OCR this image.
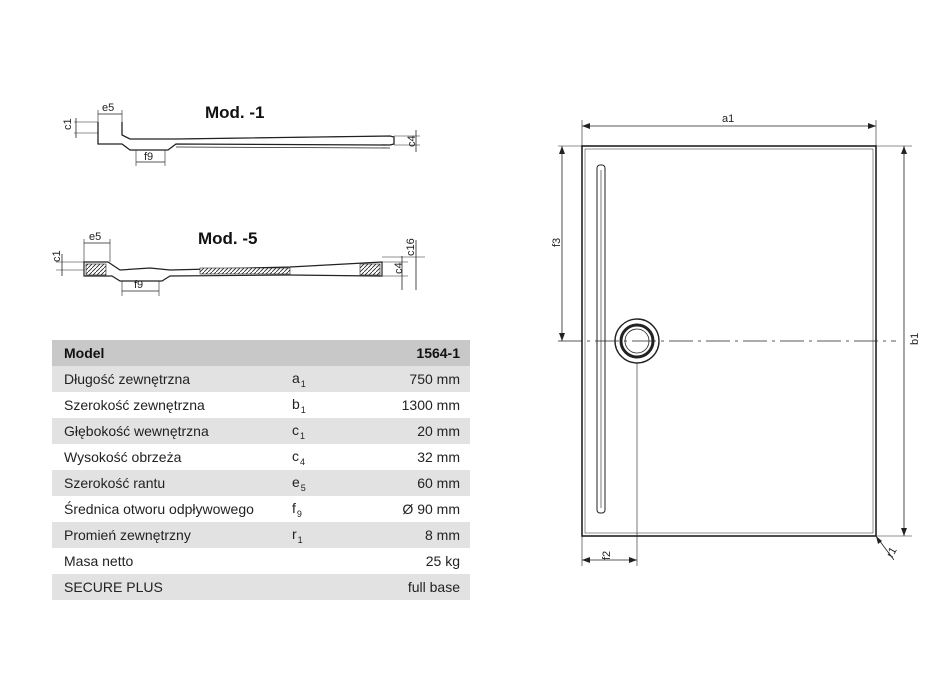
Mod. -1
e5
c1
f9
c4
Mod. -5
e5
c1
f9
c4
c16
a1
b1
f3
f2	r1
Model		1564-1
Długość zewnętrzna	$a_1$	750 mm
Szerokość zewnętrzna	$b_1$	1300 mm
Głębokość wewnętrzna	$c_1$	20 mm
Wysokość obrzeża	$c_4$	32 mm
Szerokość rantu	$e_5$	60 mm
Średnica otworu odpływowego	$f_9$	Ø 90 mm
Promień zewnętrzny	$r_1$	8 mm
Masa netto		25 kg
SECURE PLUS		full base
